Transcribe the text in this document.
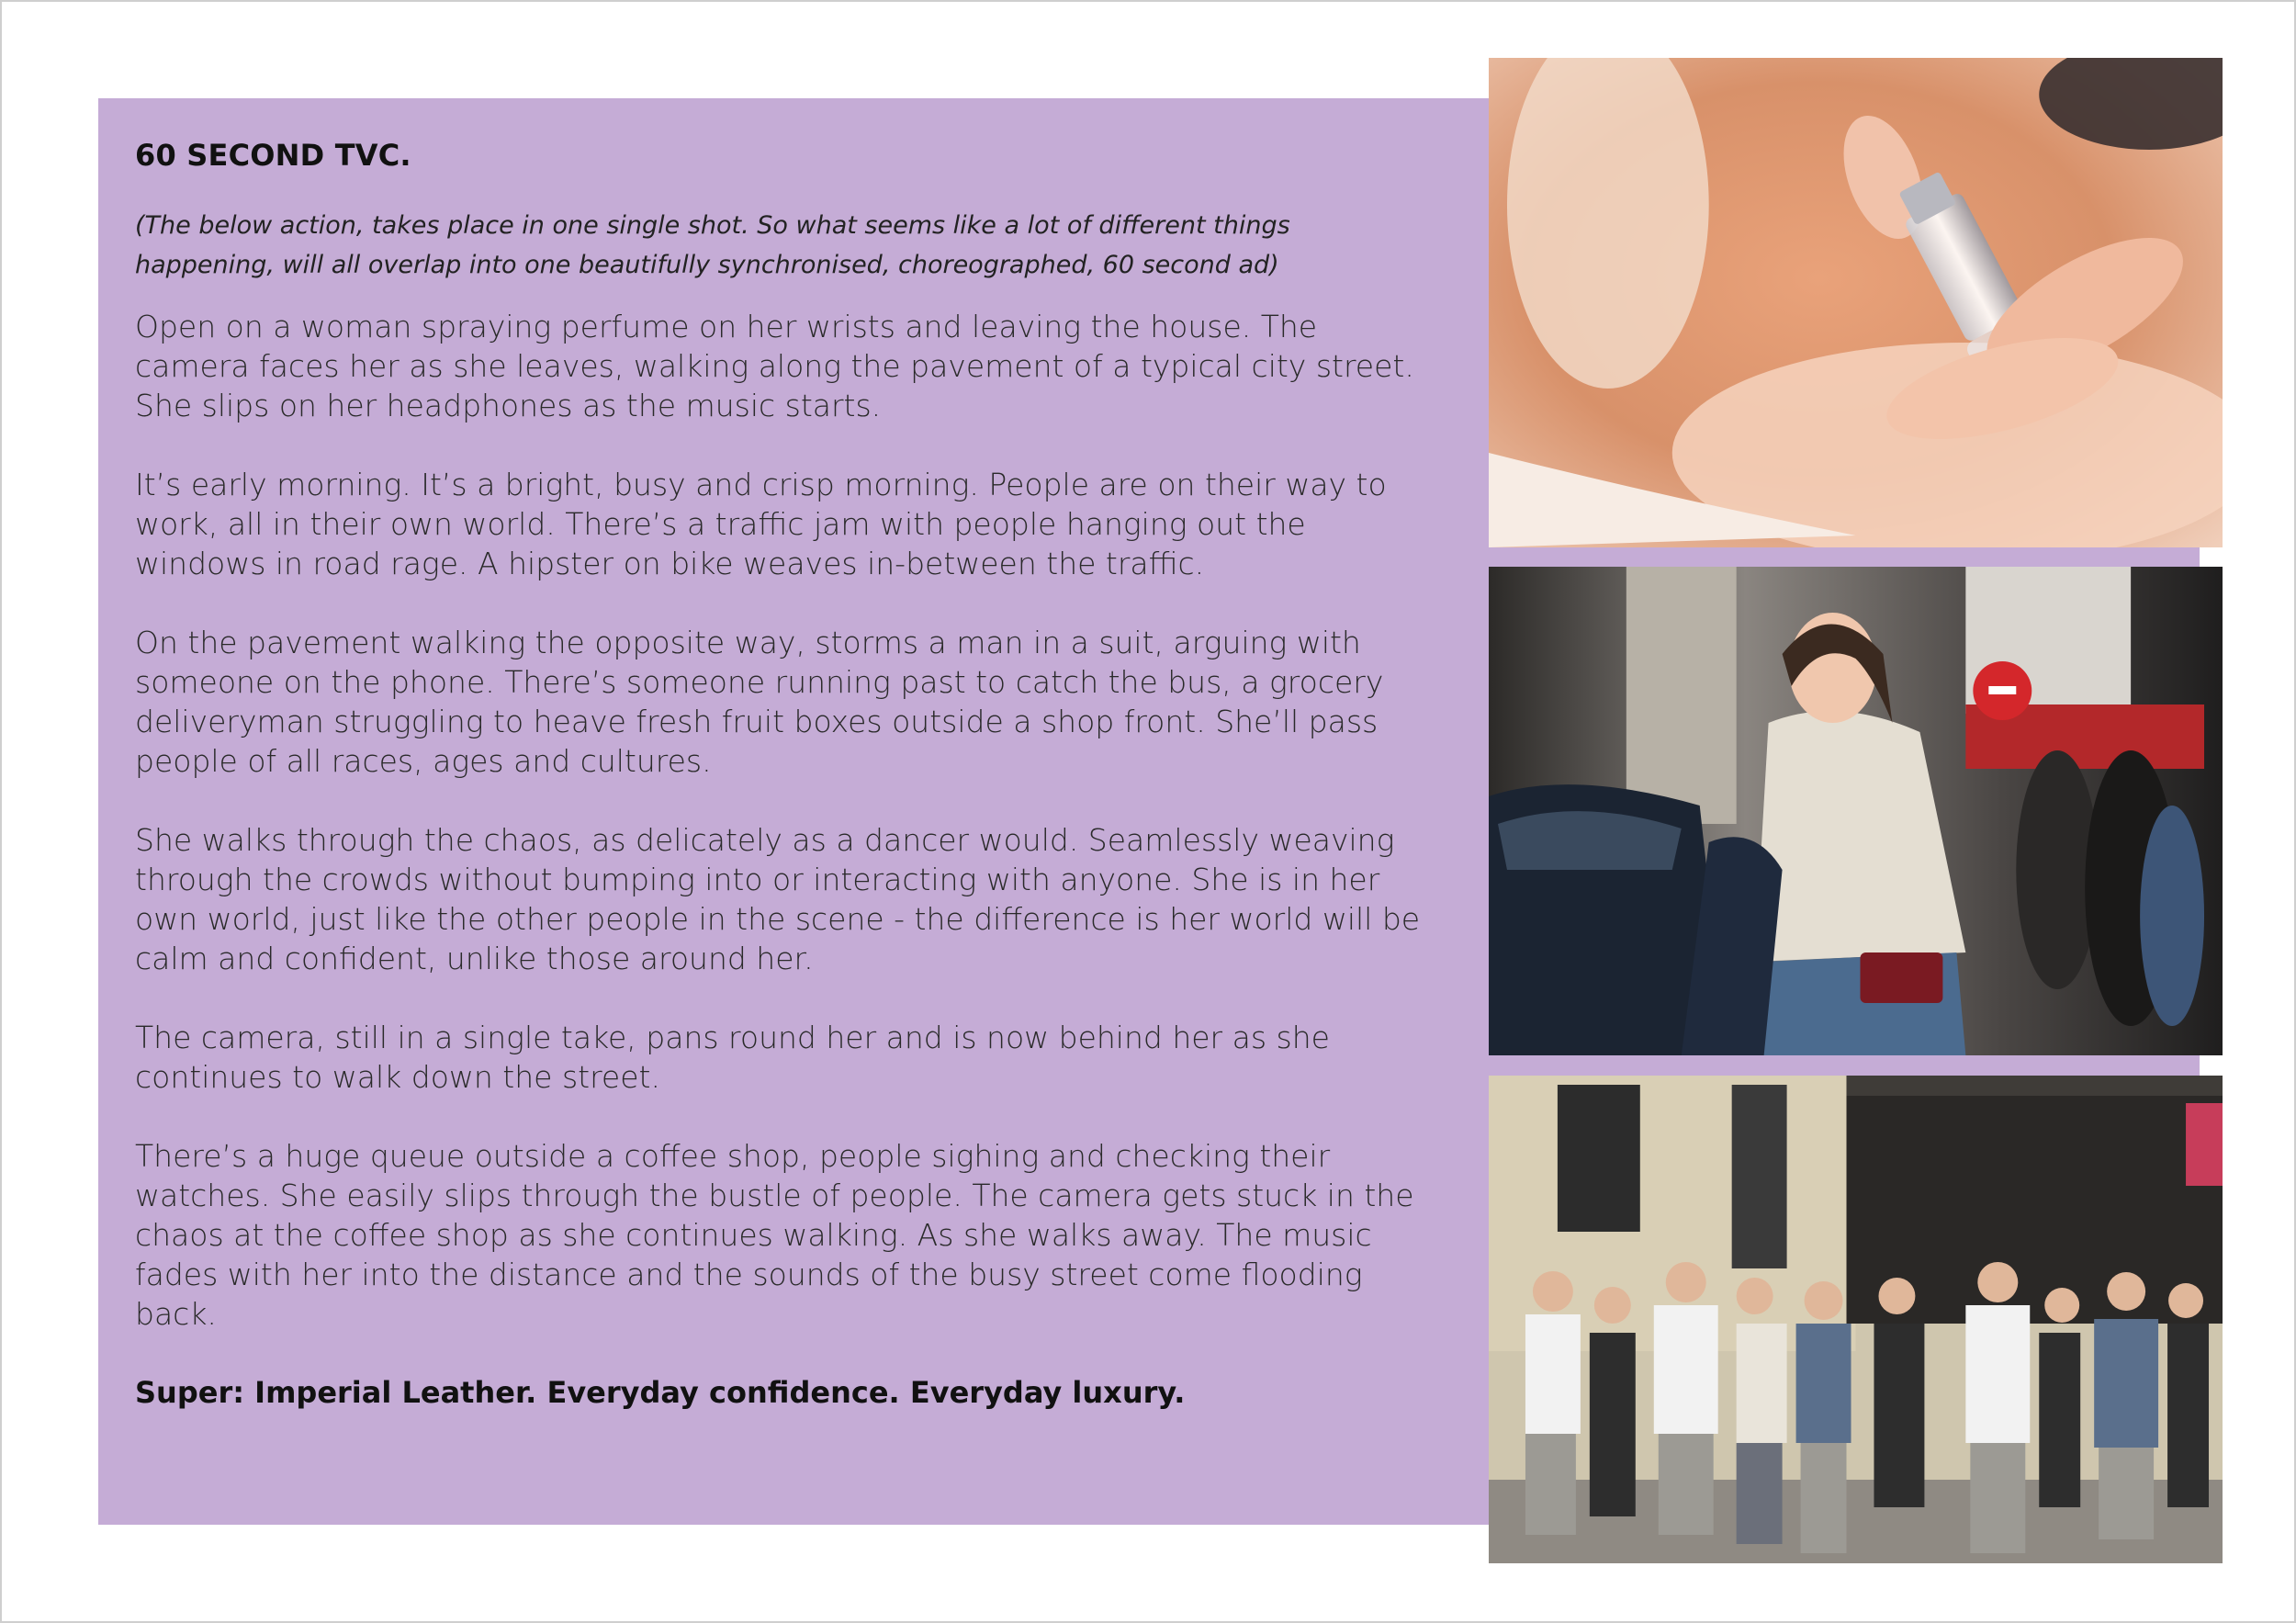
60 SECOND TVC.

(The below action, takes place in one single shot. So what seems like a lot of different things happening, will all overlap into one beautifully synchronised, choreographed, 60 second ad)

Open on a woman spraying perfume on her wrists and leaving the house. The camera faces her as she leaves, walking along the pavement of a typical city street. She slips on her headphones as the music starts.

It’s early morning. It’s a bright, busy and crisp morning. People are on their way to work, all in their own world. There’s a traffic jam with people hanging out the windows in road rage. A hipster on bike weaves in-between the traffic.

On the pavement walking the opposite way, storms a man in a suit, arguing with someone on the phone. There’s someone running past to catch the bus, a grocery deliveryman struggling to heave fresh fruit boxes outside a shop front. She’ll pass people of all races, ages and cultures.

She walks through the chaos, as delicately as a dancer would. Seamlessly weaving through the crowds without bumping into or interacting with anyone. She is in her own world, just like the other people in the scene - the difference is her world will be calm and confident, unlike those around her.

The camera, still in a single take, pans round her and is now behind her as she continues to walk down the street.

There’s a huge queue outside a coffee shop, people sighing and checking their watches. She easily slips through the bustle of people. The camera gets stuck in the chaos at the coffee shop as she continues walking. As she walks away. The music fades with her into the distance and the sounds of the busy street come flooding back.

Super: Imperial Leather. Everyday confidence. Everyday luxury.
